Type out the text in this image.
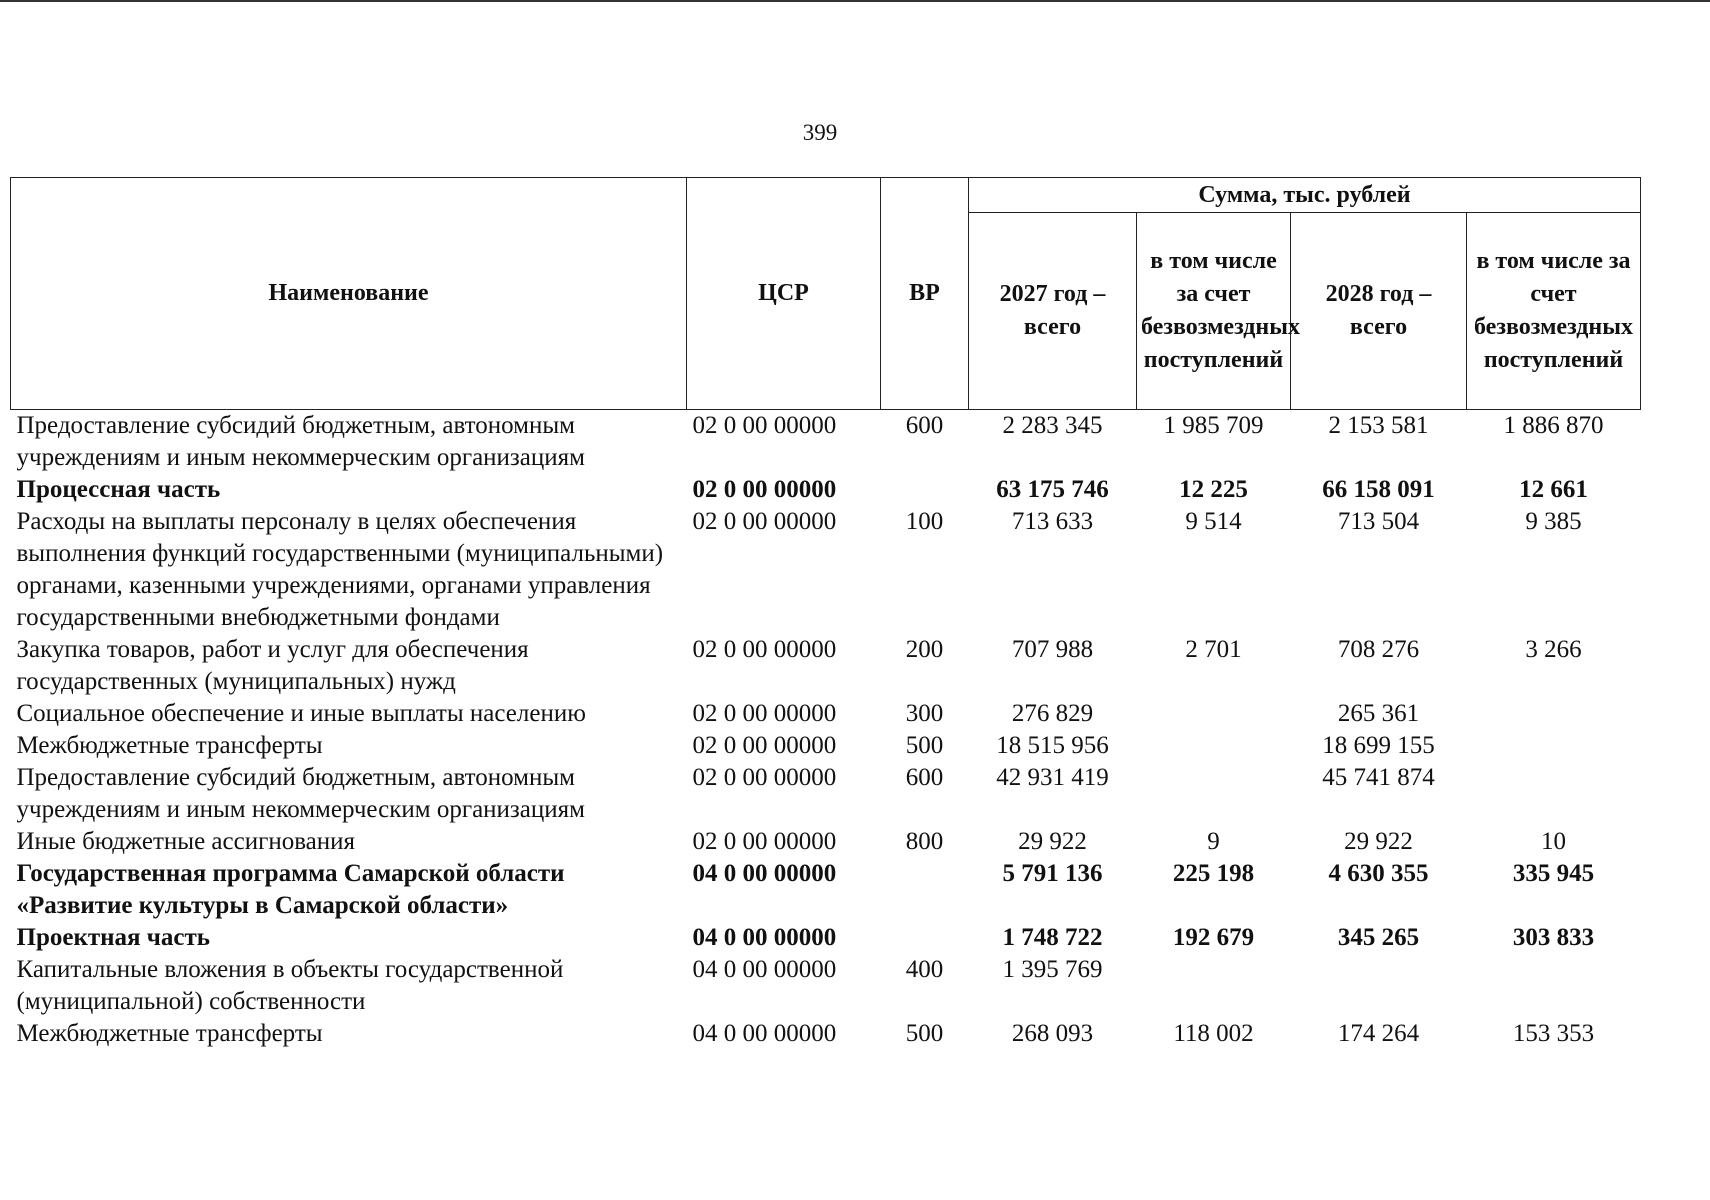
399
Наименование	ЦСР	ВР	Сумма, тыс. рублей			
			2027 год – всего	в том числе за счет безвозмездных поступлений	2028 год – всего	в том числе за счет безвозмездных поступлений
Предоставление субсидий бюджетным, автономным учреждениям и иным некоммерческим организациям	02 0 00 00000	600	2 283 345	1 985 709	2 153 581	1 886 870
Процессная часть	02 0 00 00000		63 175 746	12 225	66 158 091	12 661
Расходы на выплаты персоналу в целях обеспечения выполнения функций государственными (муниципальными) органами, казенными учреждениями, органами управления государственными внебюджетными фондами	02 0 00 00000	100	713 633	9 514	713 504	9 385
Закупка товаров, работ и услуг для обеспечения государственных (муниципальных) нужд	02 0 00 00000	200	707 988	2 701	708 276	3 266
Социальное обеспечение и иные выплаты населению	02 0 00 00000	300	276 829		265 361	
Межбюджетные трансферты	02 0 00 00000	500	18 515 956		18 699 155	
Предоставление субсидий бюджетным, автономным учреждениям и иным некоммерческим организациям	02 0 00 00000	600	42 931 419		45 741 874	
Иные бюджетные ассигнования	02 0 00 00000	800	29 922	9	29 922	10
Государственная программа Самарской области «Развитие культуры в Самарской области»	04 0 00 00000		5 791 136	225 198	4 630 355	335 945
Проектная часть	04 0 00 00000		1 748 722	192 679	345 265	303 833
Капитальные вложения в объекты государственной (муниципальной) собственности	04 0 00 00000	400	1 395 769			
Межбюджетные трансферты	04 0 00 00000	500	268 093	118 002	174 264	153 353
